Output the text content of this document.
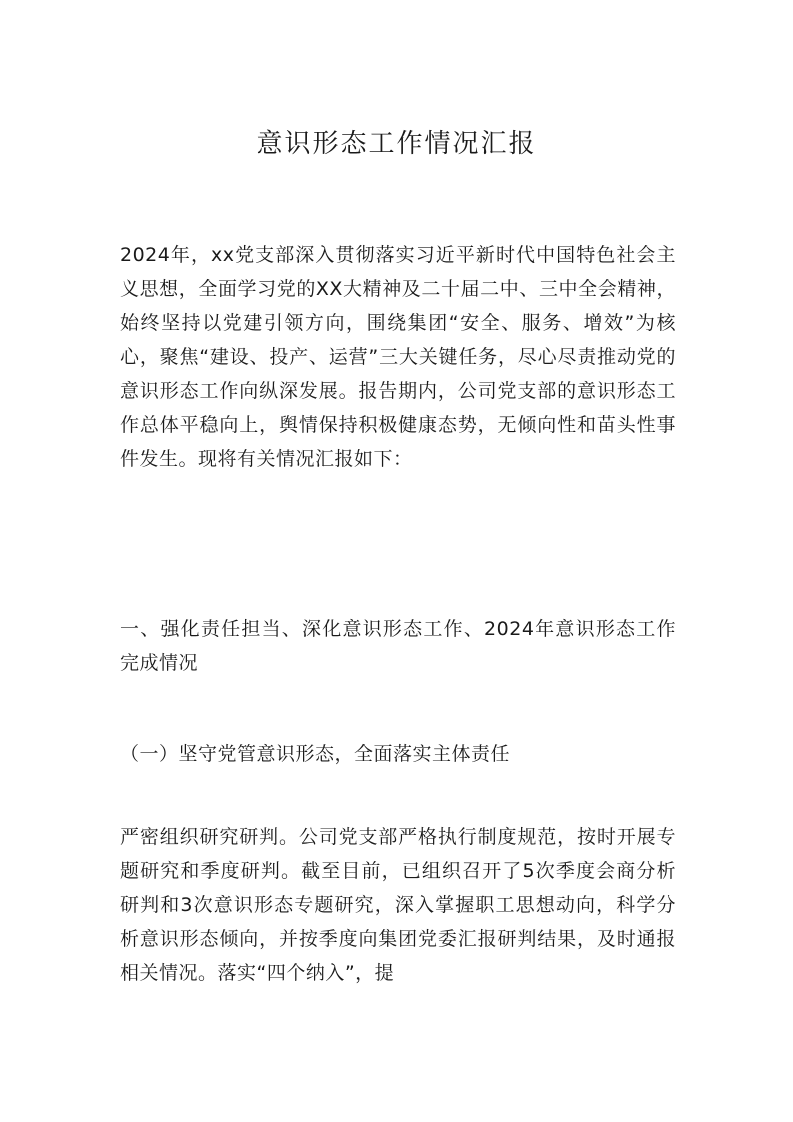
意识形态工作情况汇报

2024年，xx党支部深入贯彻落实习近平新时代中国特色社会主义思想，全面学习党的XX大精神及二十届二中、三中全会精神，始终坚持以党建引领方向，围绕集团“安全、服务、增效”为核心，聚焦“建设、投产、运营”三大关键任务，尽心尽责推动党的意识形态工作向纵深发展。报告期内，公司党支部的意识形态工作总体平稳向上，舆情保持积极健康态势，无倾向性和苗头性事件发生。现将有关情况汇报如下：

一、强化责任担当、深化意识形态工作、2024年意识形态工作完成情况

（一）坚守党管意识形态，全面落实主体责任

严密组织研究研判。公司党支部严格执行制度规范，按时开展专题研究和季度研判。截至目前，已组织召开了5次季度会商分析研判和3次意识形态专题研究，深入掌握职工思想动向，科学分析意识形态倾向，并按季度向集团党委汇报研判结果，及时通报相关情况。落实“四个纳入”，提
